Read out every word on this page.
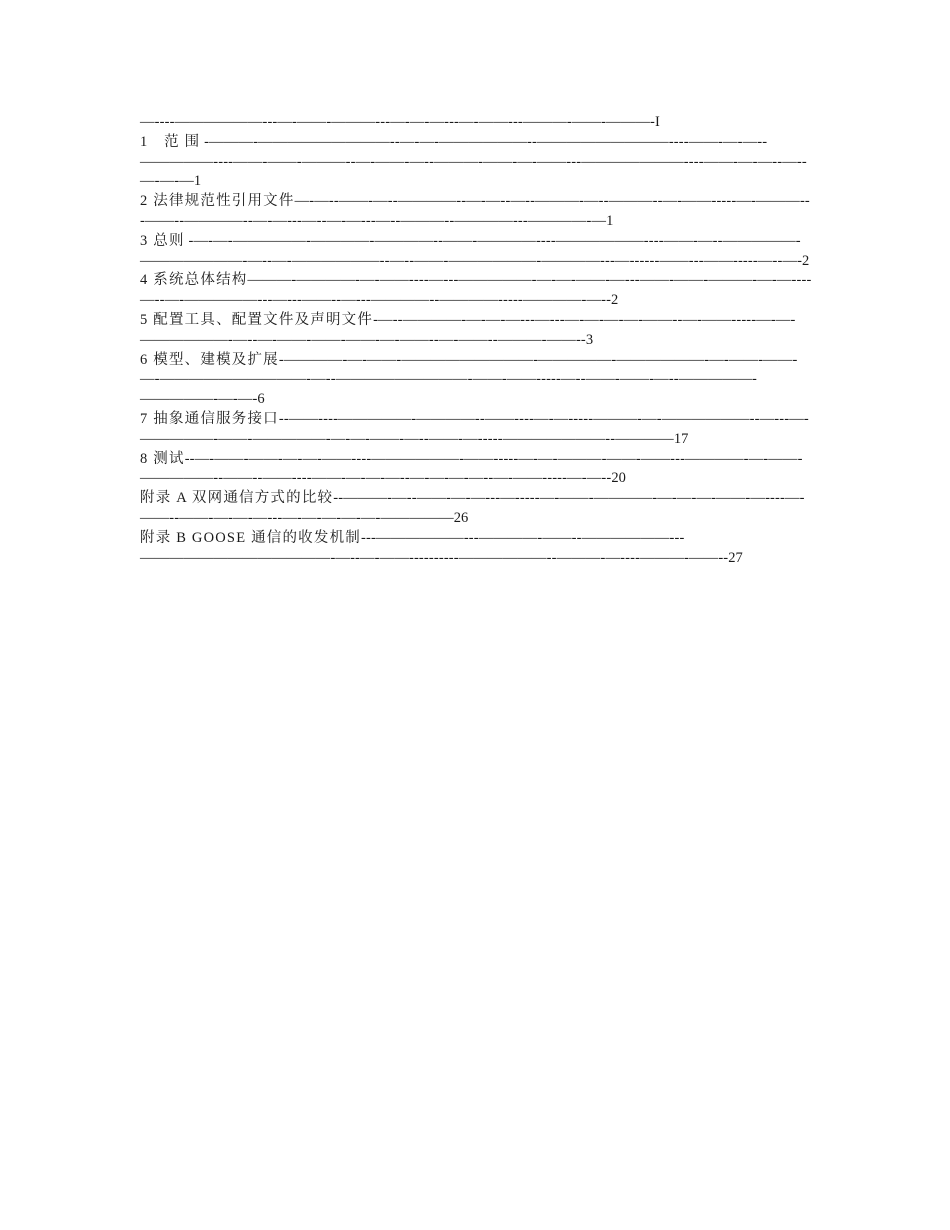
—----——————---—-——-———---—-—-—---—-——---———-——-———-I

1　范 围 -———-—————————--—-—-——————--—————————----——-—-—--—————----——-——-———--—-——-—--———-——-—-——---———————----——-—-—--—--—-—-—1

2 法律规范性引用文件—-—--——-—--————--—-—--—--———-—--———--—-——-----—-———---——--————--—-—---—--—-—---—--———--————---————-—1

3 总则 -—-—-—————-————-————--——-————----——————----——-—--—————-———————-—--—-——————--—--——-——————-————---—------——---——-----—--—-2

4 系统总体结构———-————-—-——----—---—————-—-—-——-—---——-——-———-—-—----—--—-—————---—---——--—---————--————-----————-—--2

5 配置工具、配置文件及声明文件-—--————-—-—-—---—---—-—-—-—-——--—-——-----—-—-——————-—--—-——-——-——-—-——--—-——--———-——--3

6 模型、建模及扩展-————-—-——-—————————-—————-——————-—-——-——-—-——————————-—--—————————-——-——-----—--——-——-—--—————-—————-—-—-6

7 抽象通信服务接口--——----—————-————--——----—-—-----———-—-——————--—---—-—————-——-—————-—-—-——-—--——-—-----———————--————17

8 测试--—-——-——-—-—-——----——————-——-----—-—-———-——-——---————-—-——-—————--——--——----——-—-—-—--—-—-—-—--—-——-----—-—--20

附录 A 双网通信方式的比较--———-—--——-—-—---—-----—-——-————-—-—-—-——-—----—-——--——-—-—-—---—-—-—-—-—-—————26

附录 B GOOSE 通信的收发机制---——————---————-——--——————---—————————————-—--—-——----------——————--———-—----———-——--27
